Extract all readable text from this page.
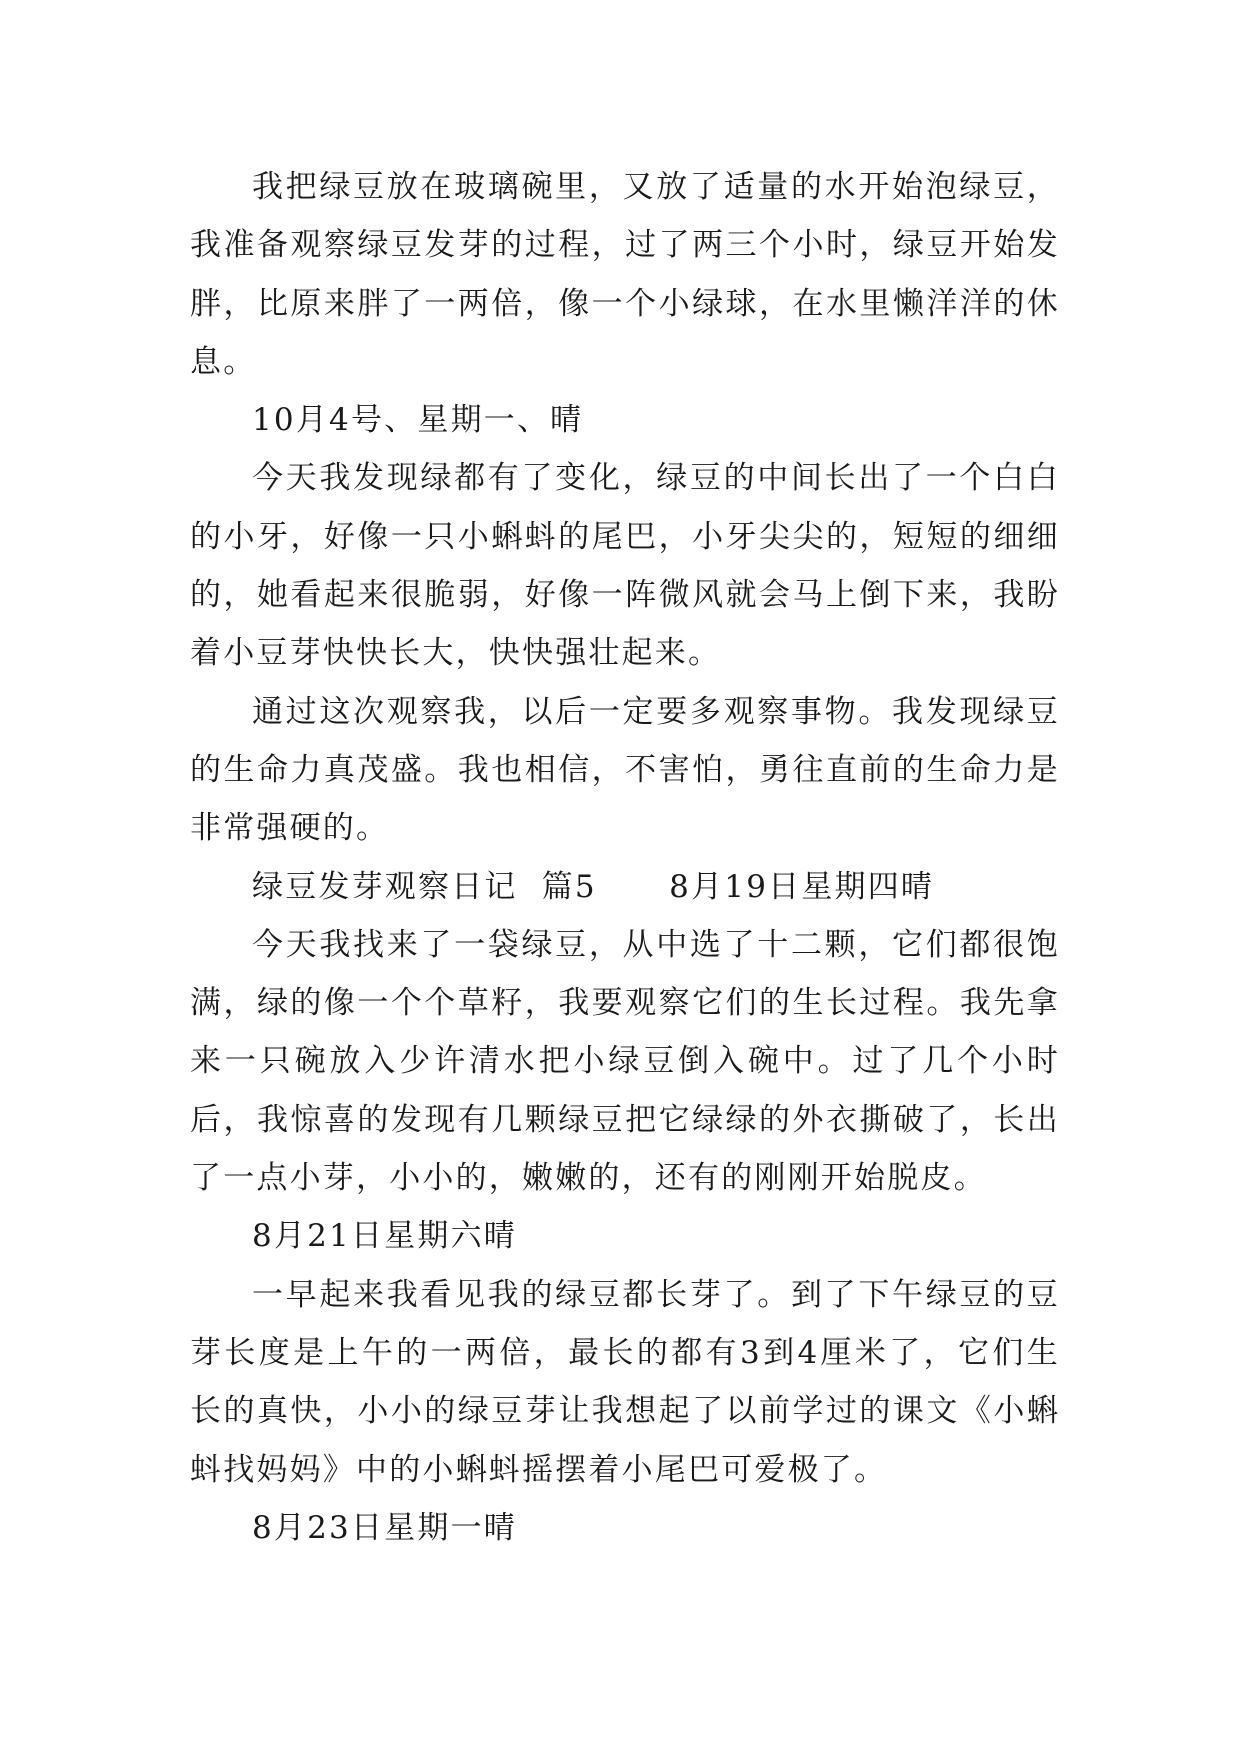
我把绿豆放在玻璃碗里，又放了适量的水开始泡绿豆，我准备观察绿豆发芽的过程，过了两三个小时，绿豆开始发胖，比原来胖了一两倍，像一个小绿球，在水里懒洋洋的休息。

10月4号、星期一、晴

今天我发现绿都有了变化，绿豆的中间长出了一个白白的小牙，好像一只小蝌蚪的尾巴，小牙尖尖的，短短的细细的，她看起来很脆弱，好像一阵微风就会马上倒下来，我盼着小豆芽快快长大，快快强壮起来。

通过这次观察我，以后一定要多观察事物。我发现绿豆的生命力真茂盛。我也相信，不害怕，勇往直前的生命力是非常强硬的。

绿豆发芽观察日记  篇5      8月19日星期四晴

今天我找来了一袋绿豆，从中选了十二颗，它们都很饱满，绿的像一个个草籽，我要观察它们的生长过程。我先拿来一只碗放入少许清水把小绿豆倒入碗中。过了几个小时后，我惊喜的发现有几颗绿豆把它绿绿的外衣撕破了，长出了一点小芽，小小的，嫩嫩的，还有的刚刚开始脱皮。

8月21日星期六晴

一早起来我看见我的绿豆都长芽了。到了下午绿豆的豆芽长度是上午的一两倍，最长的都有3到4厘米了，它们生长的真快，小小的绿豆芽让我想起了以前学过的课文《小蝌蚪找妈妈》中的小蝌蚪摇摆着小尾巴可爱极了。

8月23日星期一晴
